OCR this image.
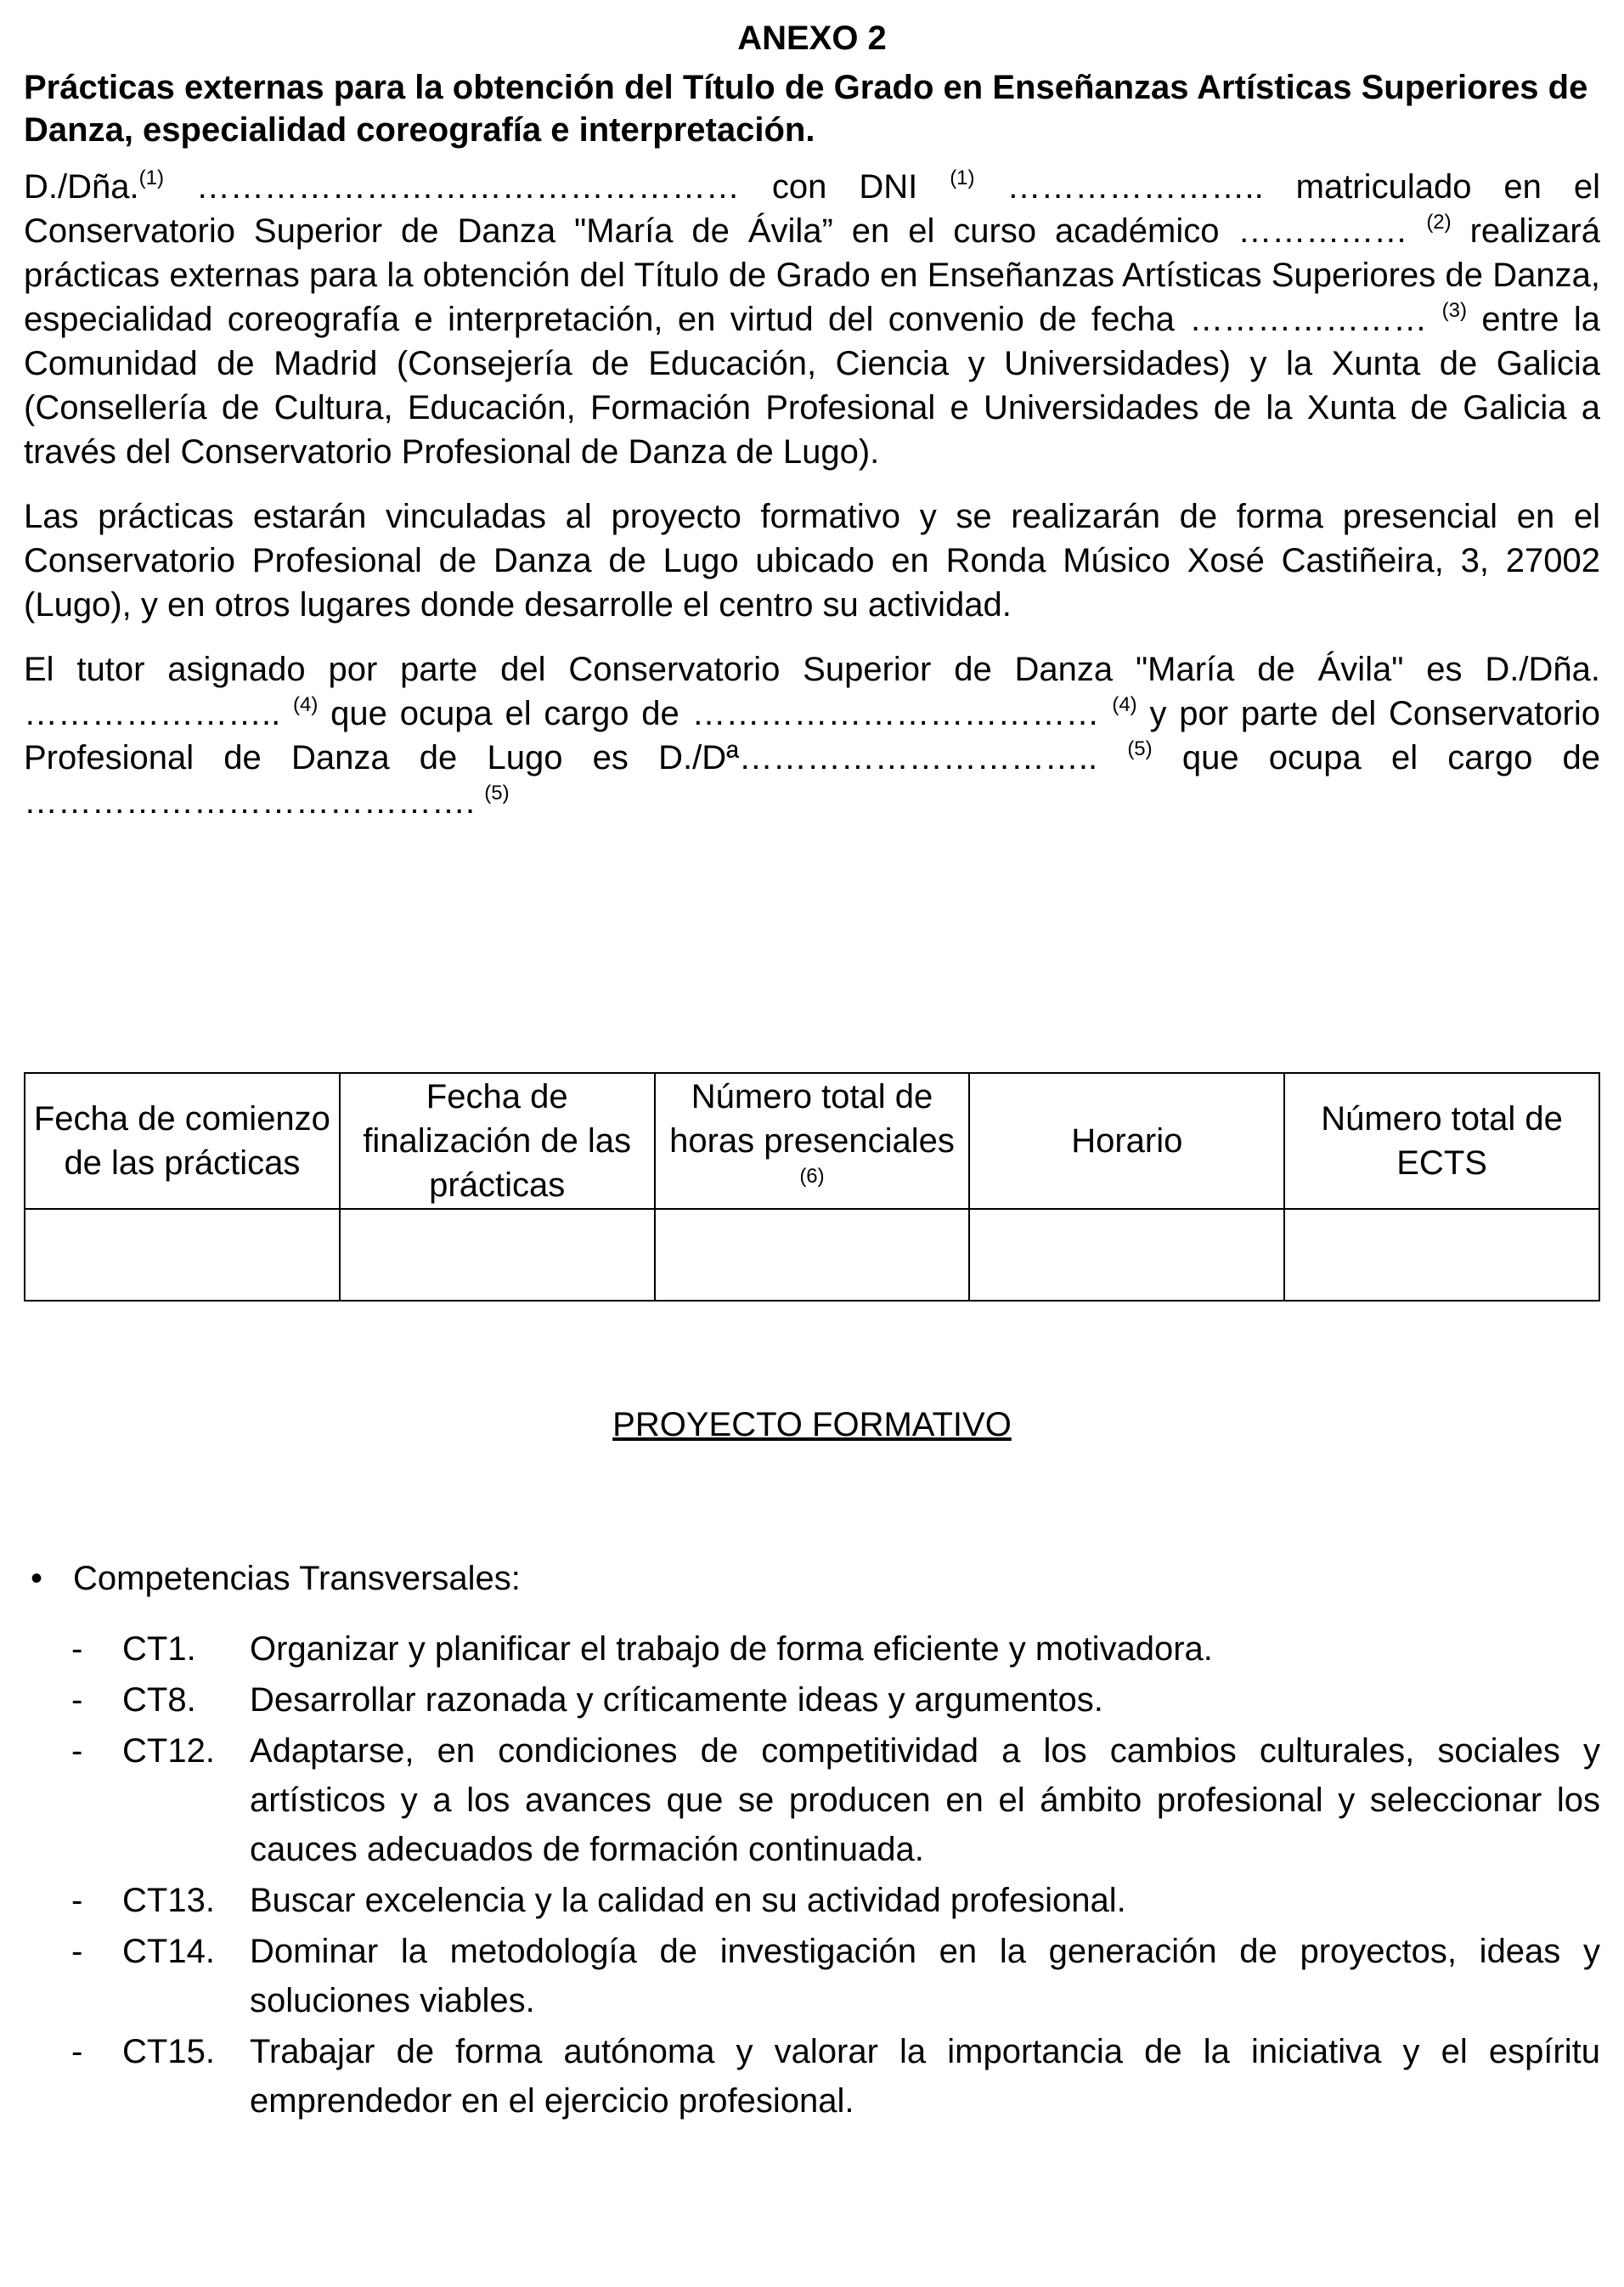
ANEXO 2
Prácticas externas para la obtención del Título de Grado en Enseñanzas Artísticas Superiores de Danza, especialidad coreografía e interpretación.

D./Dña.$^{(1)}$ ………………………………………… con DNI $^{(1)}$ ………………….. matriculado en el Conservatorio Superior de Danza "María de Ávila” en el curso académico …………… $^{(2)}$ realizará prácticas externas para la obtención del Título de Grado en Enseñanzas Artísticas Superiores de Danza, especialidad coreografía e interpretación, en virtud del convenio de fecha ………………… $^{(3)}$ entre la Comunidad de Madrid (Consejería de Educación, Ciencia y Universidades) y la Xunta de Galicia (Consellería de Cultura, Educación, Formación Profesional e Universidades de la Xunta de Galicia a través del Conservatorio Profesional de Danza de Lugo).

Las prácticas estarán vinculadas al proyecto formativo y se realizarán de forma presencial en el Conservatorio Profesional de Danza de Lugo ubicado en Ronda Músico Xosé Castiñeira, 3, 27002 (Lugo), y en otros lugares donde desarrolle el centro su actividad.

El tutor asignado por parte del Conservatorio Superior de Danza "María de Ávila" es D./Dña. ………………….. $^{(4)}$ que ocupa el cargo de ……………………………… $^{(4)}$ y por parte del Conservatorio Profesional de Danza de Lugo es D./Dª………………………….. $^{(5)}$ que ocupa el cargo de …………………………………. $^{(5)}$

Fecha de comienzo de las prácticas	Fecha de finalización de las prácticas	Número total de horas presenciales $^{(6)}$	Horario	Número total de ECTS

PROYECTO FORMATIVO
• Competencias Transversales:
- CT1. Organizar y planificar el trabajo de forma eficiente y motivadora.
- CT8. Desarrollar razonada y críticamente ideas y argumentos.
- CT12. Adaptarse, en condiciones de competitividad a los cambios culturales, sociales y artísticos y a los avances que se producen en el ámbito profesional y seleccionar los cauces adecuados de formación continuada.
- CT13. Buscar excelencia y la calidad en su actividad profesional.
- CT14. Dominar la metodología de investigación en la generación de proyectos, ideas y soluciones viables.
- CT15. Trabajar de forma autónoma y valorar la importancia de la iniciativa y el espíritu emprendedor en el ejercicio profesional.
